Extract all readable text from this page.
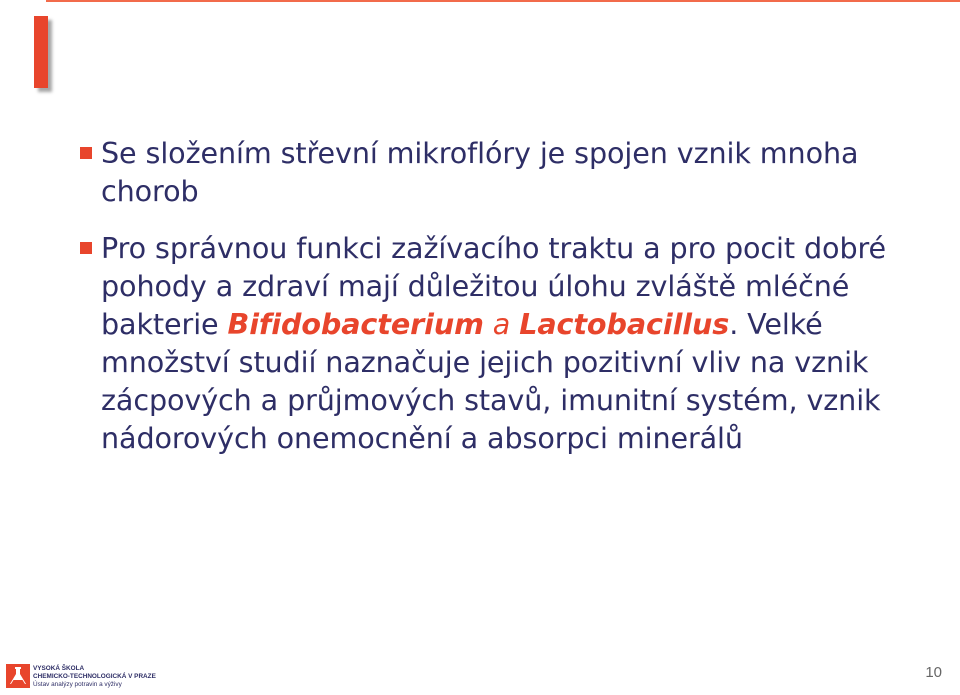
Se složením střevní mikroflóry je spojen vznik mnoha chorob
Pro správnou funkci zažívacího traktu a pro pocit dobré pohody a zdraví mají důležitou úlohu zvláště mléčné bakterie Bifidobacterium a Lactobacillus. Velké množství studií naznačuje jejich pozitivní vliv na vznik zácpových a průjmových stavů, imunitní systém, vznik nádorových onemocnění a absorpci minerálů
VYSOKÁ ŠKOLA
CHEMICKO-TECHNOLOGICKÁ V PRAZE
Ústav analýzy potravin a výživy
10
